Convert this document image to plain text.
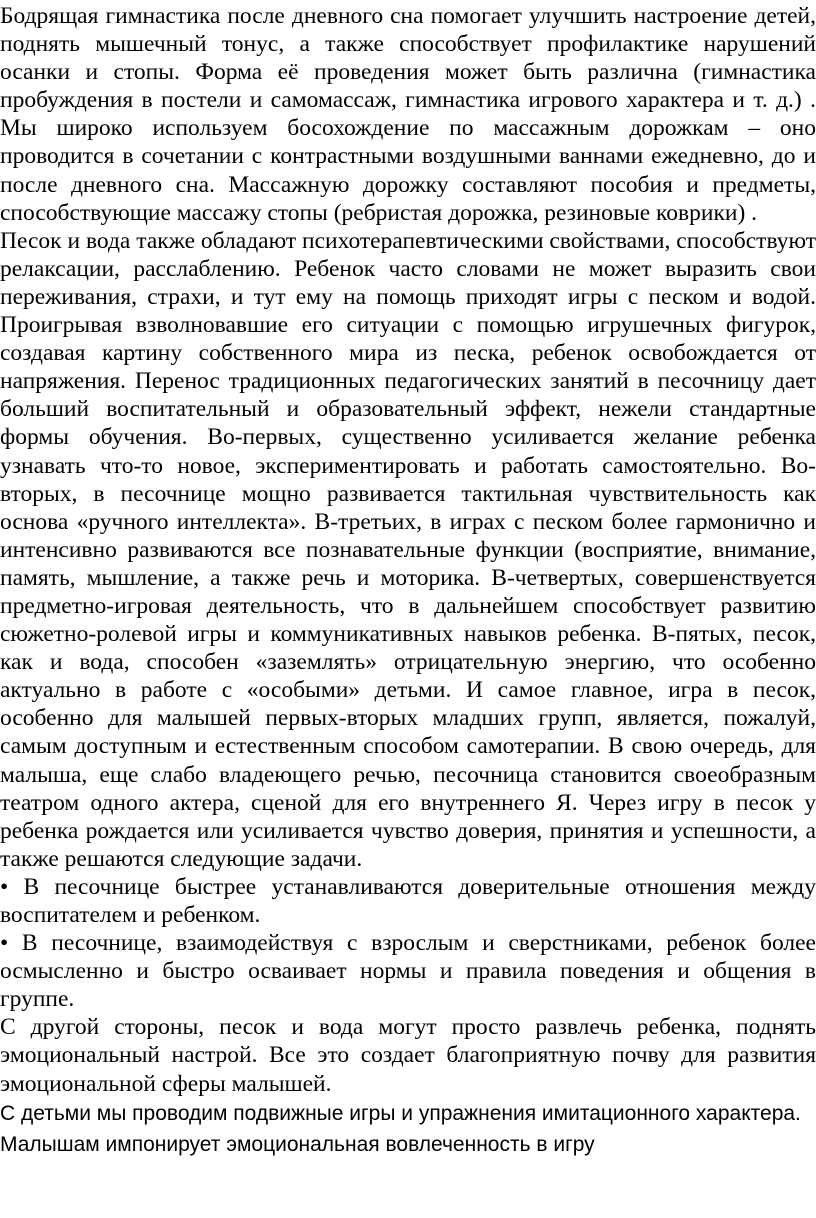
Бодрящая гимнастика после дневного сна помогает улучшить настроение детей, поднять мышечный тонус, а также способствует профилактике нарушений осанки и стопы. Форма её проведения может быть различна (гимнастика пробуждения в постели и самомассаж, гимнастика игрового характера и т. д.) . Мы широко используем босохождение по массажным дорожкам – оно проводится в сочетании с контрастными воздушными ваннами ежедневно, до и после дневного сна. Массажную дорожку составляют пособия и предметы, способствующие массажу стопы (ребристая дорожка, резиновые коврики) .

Песок и вода также обладают психотерапевтическими свойствами, способствуют релаксации, расслаблению. Ребенок часто словами не может выразить свои переживания, страхи, и тут ему на помощь приходят игры с песком и водой. Проигрывая взволновавшие его ситуации с помощью игрушечных фигурок, создавая картину собственного мира из песка, ребенок освобождается от напряжения. Перенос традиционных педагогических занятий в песочницу дает больший воспитательный и образовательный эффект, нежели стандартные формы обучения. Во-первых, существенно усиливается желание ребенка узнавать что-то новое, экспериментировать и работать самостоятельно. Во-вторых, в песочнице мощно развивается тактильная чувствительность как основа «ручного интеллекта». В-третьих, в играх с песком более гармонично и интенсивно развиваются все познавательные функции (восприятие, внимание, память, мышление, а также речь и моторика. В-четвертых, совершенствуется предметно-игровая деятельность, что в дальнейшем способствует развитию сюжетно-ролевой игры и коммуникативных навыков ребенка. В-пятых, песок, как и вода, способен «заземлять» отрицательную энергию, что особенно актуально в работе с «особыми» детьми. И самое главное, игра в песок, особенно для малышей первых-вторых младших групп, является, пожалуй, самым доступным и естественным способом самотерапии. В свою очередь, для малыша, еще слабо владеющего речью, песочница становится своеобразным театром одного актера, сценой для его внутреннего Я. Через игру в песок у ребенка рождается или усиливается чувство доверия, принятия и успешности, а также решаются следующие задачи.

• В песочнице быстрее устанавливаются доверительные отношения между воспитателем и ребенком.

• В песочнице, взаимодействуя с взрослым и сверстниками, ребенок более осмысленно и быстро осваивает нормы и правила поведения и общения в группе.

С другой стороны, песок и вода могут просто развлечь ребенка, поднять эмоциональный настрой. Все это создает благоприятную почву для развития эмоциональной сферы малышей.

С детьми мы проводим подвижные игры и упражнения имитационного характера. Малышам импонирует эмоциональная вовлеченность в игру
